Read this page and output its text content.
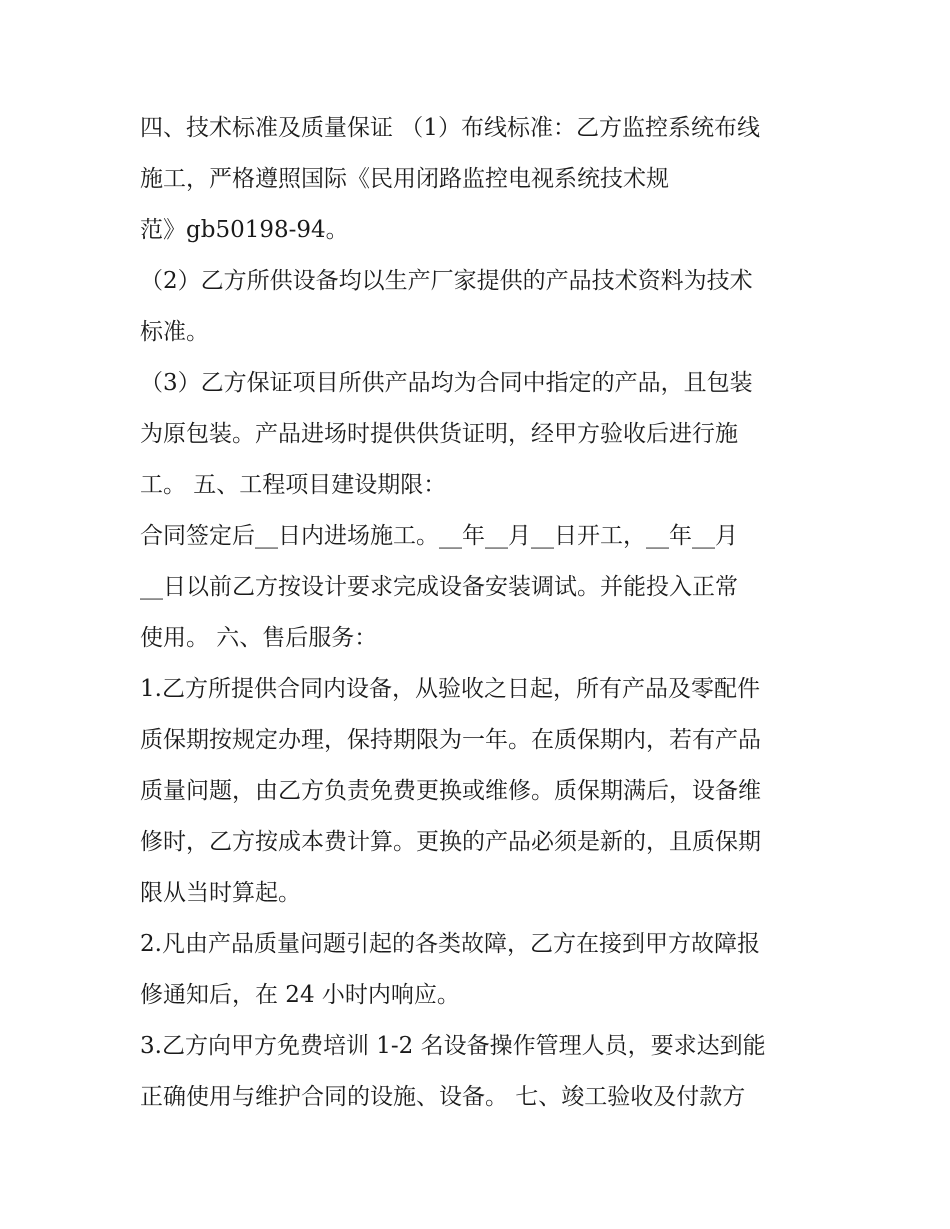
四、技术标准及质量保证 （1）布线标准：乙方监控系统布线
施工，严格遵照国际《民用闭路监控电视系统技术规
范》gb50198-94。
（2）乙方所供设备均以生产厂家提供的产品技术资料为技术
标准。
（3）乙方保证项目所供产品均为合同中指定的产品，且包装
为原包装。产品进场时提供供货证明，经甲方验收后进行施
工。 五、工程项目建设期限：
合同签定后__日内进场施工。__年__月__日开工，__年__月
__日以前乙方按设计要求完成设备安装调试。并能投入正常
使用。 六、售后服务：
1.乙方所提供合同内设备，从验收之日起，所有产品及零配件
质保期按规定办理，保持期限为一年。在质保期内，若有产品
质量问题，由乙方负责免费更换或维修。质保期满后，设备维
修时，乙方按成本费计算。更换的产品必须是新的，且质保期
限从当时算起。
2.凡由产品质量问题引起的各类故障，乙方在接到甲方故障报
修通知后，在 24 小时内响应。
3.乙方向甲方免费培训 1-2 名设备操作管理人员，要求达到能
正确使用与维护合同的设施、设备。 七、竣工验收及付款方
